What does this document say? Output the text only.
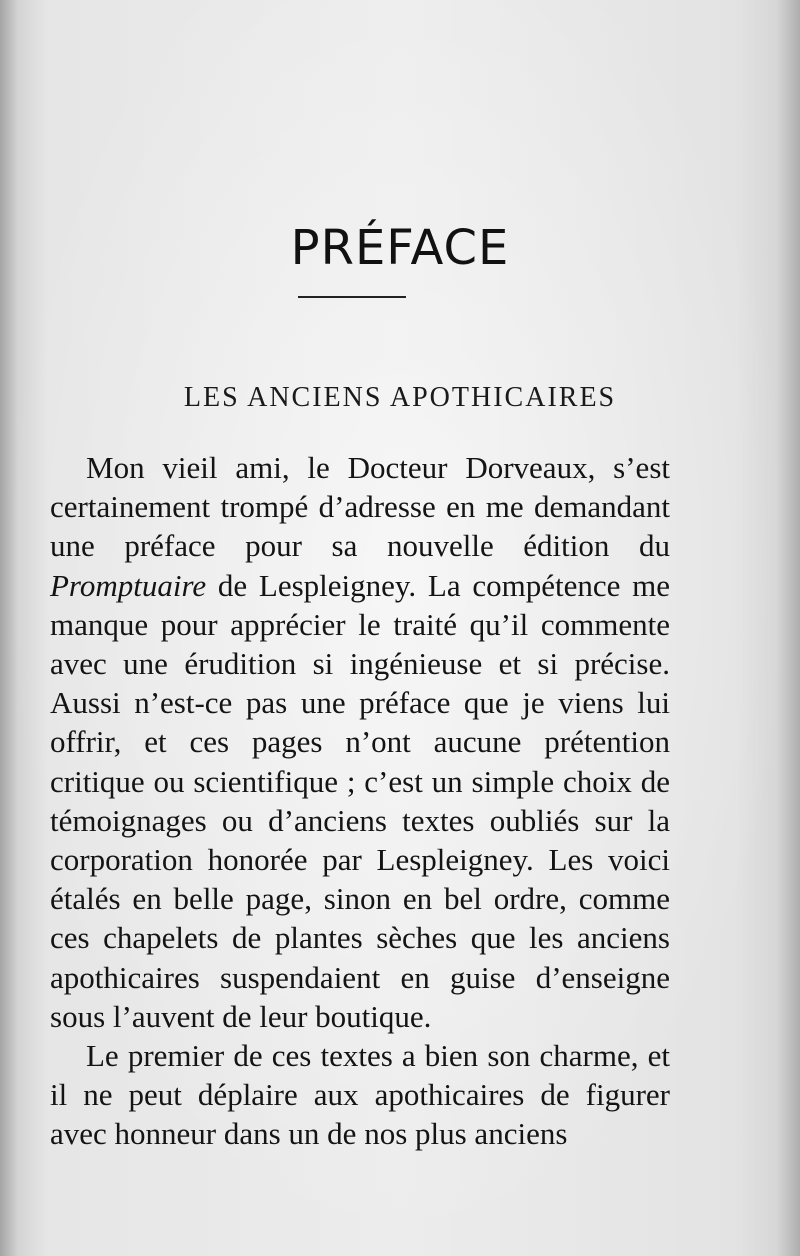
PRÉFACE
LES ANCIENS APOTHICAIRES

Mon vieil ami, le Docteur Dorveaux, s’est certainement trompé d’adresse en me demandant une préface pour sa nouvelle édition du Promptuaire de Lespleigney. La compétence me manque pour apprécier le traité qu’il commente avec une érudition si ingénieuse et si précise. Aussi n’est-ce pas une préface que je viens lui offrir, et ces pages n’ont aucune prétention critique ou scientifique ; c’est un simple choix de témoignages ou d’anciens textes oubliés sur la corporation honorée par Lespleigney. Les voici étalés en belle page, sinon en bel ordre, comme ces chapelets de plantes sèches que les anciens apothicaires suspendaient en guise d’enseigne sous l’auvent de leur boutique.

Le premier de ces textes a bien son charme, et il ne peut déplaire aux apothicaires de figurer avec honneur dans un de nos plus anciens
